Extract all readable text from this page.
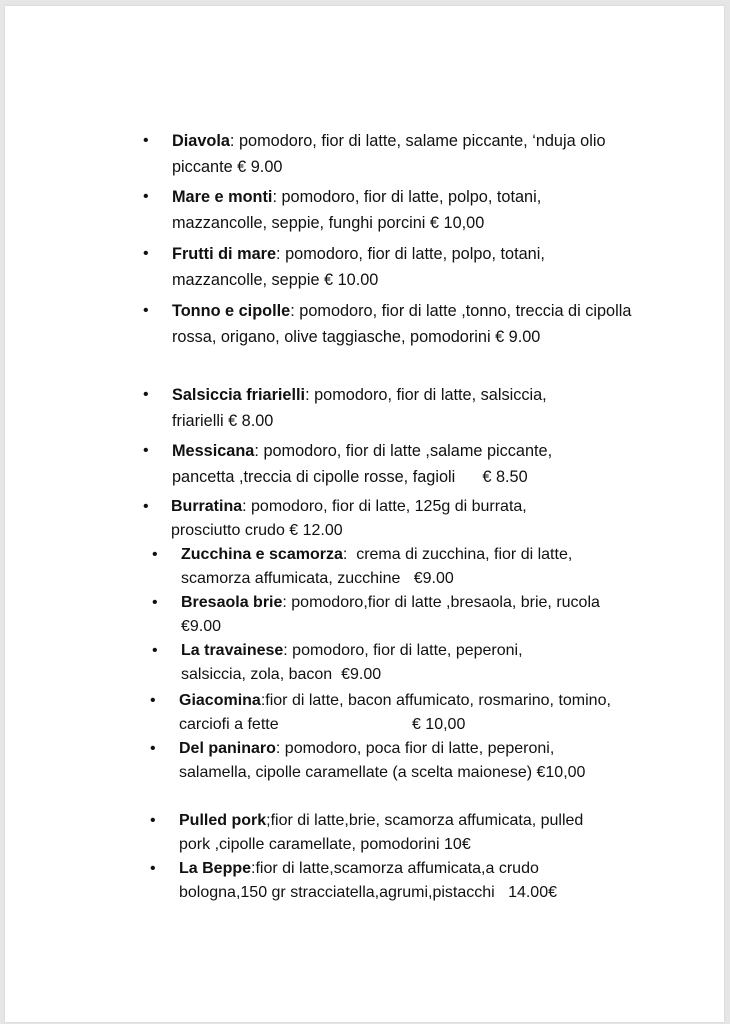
• Diavola: pomodoro, fior di latte, salame piccante, ‘nduja olio piccante € 9.00
• Mare e monti: pomodoro, fior di latte, polpo, totani, mazzancolle, seppie, funghi porcini € 10,00
• Frutti di mare: pomodoro, fior di latte, polpo, totani, mazzancolle, seppie € 10.00
• Tonno e cipolle: pomodoro, fior di latte ,tonno, treccia di cipolla rossa, origano, olive taggiasche, pomodorini € 9.00
• Salsiccia friarielli: pomodoro, fior di latte, salsiccia, friarielli € 8.00
• Messicana: pomodoro, fior di latte ,salame piccante, pancetta ,treccia di cipolle rosse, fagioli      € 8.50
• Burratina: pomodoro, fior di latte, 125g di burrata, prosciutto crudo € 12.00
• Zucchina e scamorza:  crema di zucchina, fior di latte, scamorza affumicata, zucchine   €9.00
• Bresaola brie: pomodoro,fior di latte ,bresaola, brie, rucola  €9.00
• La travainese: pomodoro, fior di latte, peperoni, salsiccia, zola, bacon  €9.00
• Giacomina:fior di latte, bacon affumicato, rosmarino, tomino, carciofi a fette                              € 10,00
• Del paninaro: pomodoro, poca fior di latte, peperoni, salamella, cipolle caramellate (a scelta maionese) €10,00
• Pulled pork;fior di latte,brie, scamorza affumicata, pulled pork ,cipolle caramellate, pomodorini 10€
• La Beppe:fior di latte,scamorza affumicata,a crudo bologna,150 gr stracciatella,agrumi,pistacchi   14.00€
